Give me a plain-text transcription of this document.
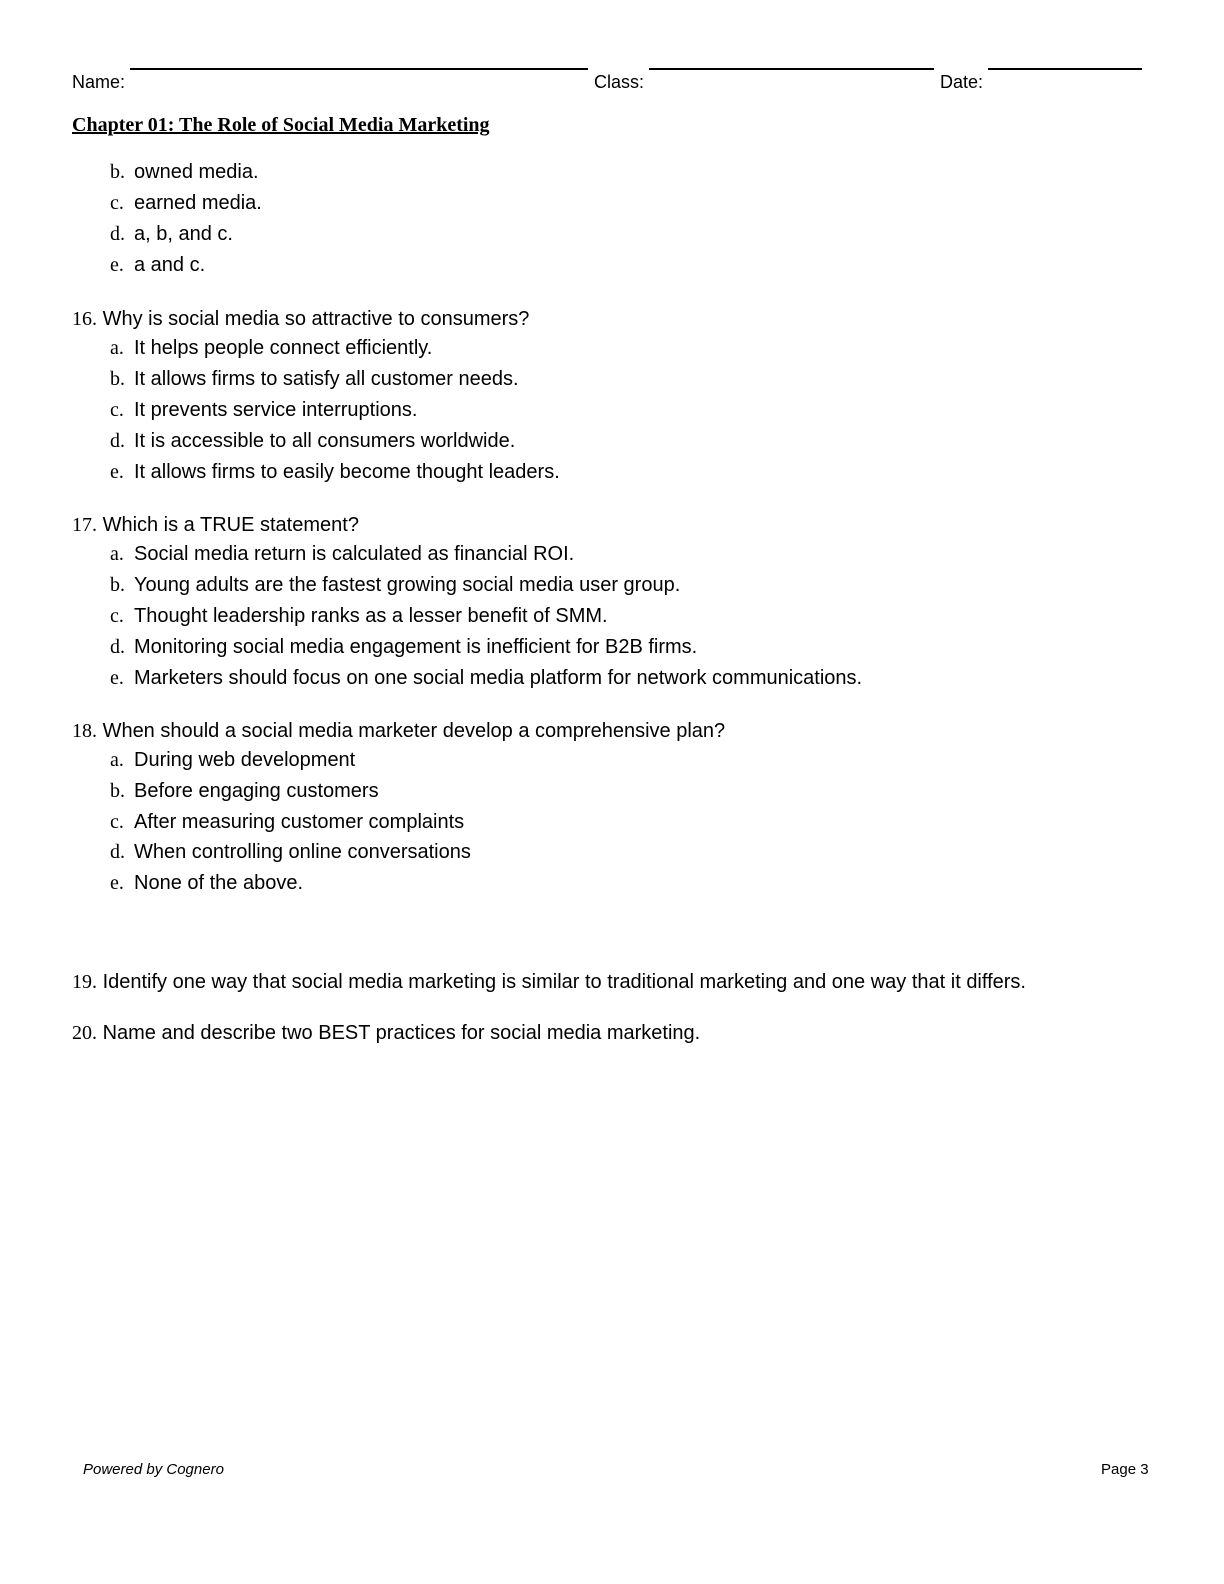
Name:	Class:	Date:
Chapter 01: The Role of Social Media Marketing
b. owned media.
c. earned media.
d. a, b, and c.
e. a and c.
16. Why is social media so attractive to consumers?
a. It helps people connect efficiently.
b. It allows firms to satisfy all customer needs.
c. It prevents service interruptions.
d. It is accessible to all consumers worldwide.
e. It allows firms to easily become thought leaders.
17. Which is a TRUE statement?
a. Social media return is calculated as financial ROI.
b. Young adults are the fastest growing social media user group.
c. Thought leadership ranks as a lesser benefit of SMM.
d. Monitoring social media engagement is inefficient for B2B firms.
e. Marketers should focus on one social media platform for network communications.
18. When should a social media marketer develop a comprehensive plan?
a. During web development
b. Before engaging customers
c. After measuring customer complaints
d. When controlling online conversations
e. None of the above.
19. Identify one way that social media marketing is similar to traditional marketing and one way that it differs.
20. Name and describe two BEST practices for social media marketing.
Powered by Cognero	Page 3
